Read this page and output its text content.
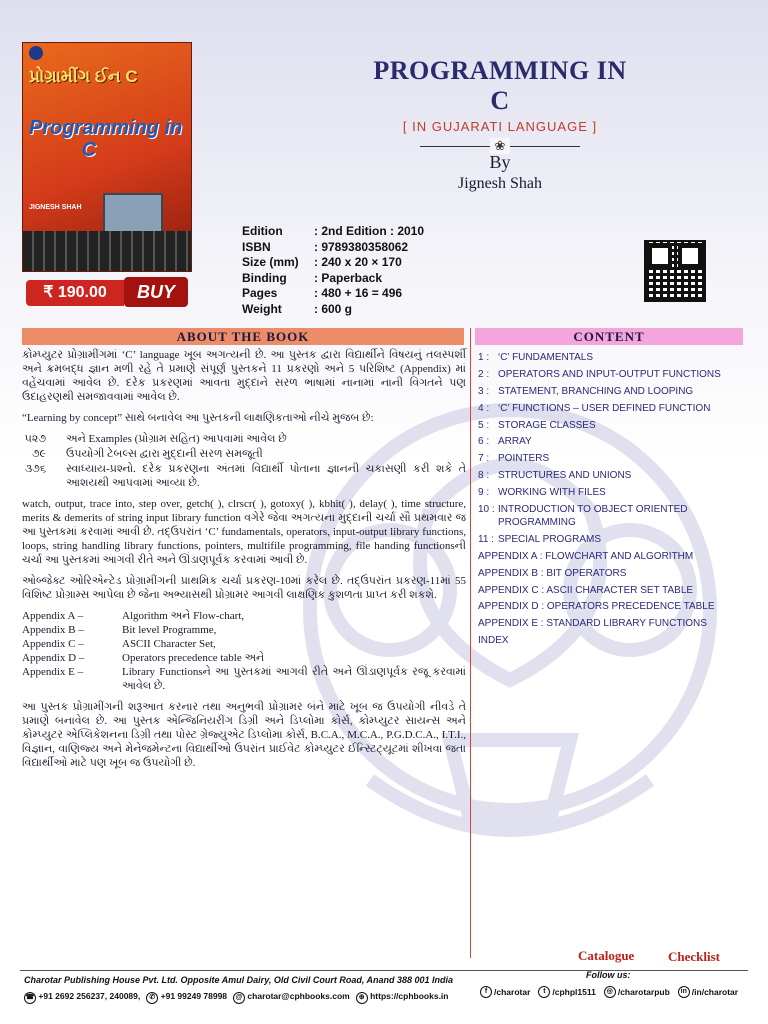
પ્રોગ્રામીંગ ઈન C
Programming in
C
JIGNESH SHAH
₹ 190.00	BUY
PROGRAMMING IN
C
[ IN GUJARATI LANGUAGE ]
❀
By
Jignesh Shah
Edition	: 2nd Edition : 2010
ISBN	: 9789380358062
Size (mm)	: 240 x 20 × 170
Binding	: Paperback
Pages	: 480 + 16 = 496
Weight	: 600 g
ABOUT THE BOOK	CONTENT

કોમ્પ્યુટર પ્રોગ્રામીંગમાં ‘C’ language ખૂબ અગત્યની છે. આ પુસ્તક દ્વારા વિદ્યાર્થીને વિષયનું તલસ્પર્શી અને ક્રમબદ્ધ જ્ઞાન મળી રહે તે પ્રમાણે સંપૂર્ણ પુસ્તકને 11 પ્રકરણો અને 5 પરિશિષ્ટ (Appendix) માં વહેંચવામાં આવેલ છે. દરેક પ્રકરણમાં આવતા મુદ્દાને સરળ ભાષામાં નાનામાં નાની વિગતને પણ ઉદાહરણથી સમજાવવામાં આવેલ છે.

“Learning by concept” સાથે બનાવેલ આ પુસ્તકની લાક્ષણિકતાઓ નીચે મુજબ છે:

૫૨૭	અને Examples (પ્રોગ્રામ સહિત) આપવામાં આવેલ છે
૭૯	ઉપયોગી ટેબલ્સ દ્વારા મુદ્દાની સરળ સમજૂતી
૩૭૬	સ્વાધ્યાય-પ્રશ્નો. દરેક પ્રકરણના અંતમાં વિદ્યાર્થી પોતાના જ્ઞાનની ચકાસણી કરી શકે તે આશયથી આપવામાં આવ્યા છે.

watch, output, trace into, step over, getch( ), clrscr( ), gotoxy( ), kbhit( ), delay( ), time structure, merits & demerits of string input library function વગેરે જેવા અગત્યના મુદ્દાની ચર્ચા સૌ પ્રથમવાર જ આ પુસ્તકમાં કરવામાં આવી છે. તદ્ઉપરાંત ‘C’ fundamentals, operators, input-output library functions, loops, string handling library functions, pointers, multifile programming, file handing functionsની ચર્ચા આ પુસ્તકમાં આગવી રીતે અને ઊંડાણપૂર્વક કરવામાં આવી છે.

ઓબ્જેક્ટ ઓરિએન્ટેડ પ્રોગ્રામીંગની પ્રાથમિક ચર્ચા પ્રકરણ-10માં કરેલ છે. તદ્ઉપરાંત પ્રકરણ-11માં 55 વિશિષ્ટ પ્રોગ્રામ્સ આપેલા છે જેના અભ્યાસથી પ્રોગ્રામર આગવી લાક્ષણિક કુશળતા પ્રાપ્ત કરી શકશે.

Appendix A –	Algorithm અને Flow-chart,
Appendix B –	Bit level Programme,
Appendix C –	ASCII Character Set,
Appendix D –	Operators precedence table અને
Appendix E –	Library Functionsને આ પુસ્તકમાં આગવી રીતે અને ઊંડાણપૂર્વક રજૂ કરવામાં આવેલ છે.

આ પુસ્તક પ્રોગ્રામીંગની શરૂઆત કરનાર તથા અનુભવી પ્રોગ્રામર બંને માટે ખૂબ જ ઉપયોગી નીવડે તે પ્રમાણે બનાવેલ છે. આ પુસ્તક એન્જિનિયરીંગ ડિગ્રી અને ડિપ્લોમા કોર્સ, કોમ્પ્યુટર સાયન્સ અને કોમ્પ્યુટર એપ્લિકેશનના ડિગ્રી તથા પોસ્ટ ગ્રેજ્યુએટ ડિપ્લોમા કોર્સ, B.C.A., M.C.A., P.G.D.C.A., I.T.I., વિજ્ઞાન, વાણિજ્ય અને મેનેજમેન્ટના વિદ્યાર્થીઓ ઉપરાંત પ્રાઈવેટ કોમ્પ્યુટર ઈન્સ્ટિટ્યૂટમાં શીખવા જતા વિદ્યાર્થીઓ માટે પણ ખૂબ જ ઉપયોગી છે.

1 : ‘C’ FUNDAMENTALS
2 : OPERATORS AND INPUT-OUTPUT FUNCTIONS
3 : STATEMENT, BRANCHING AND LOOPING
4 : ‘C’ FUNCTIONS – USER DEFINED FUNCTION
5 : STORAGE CLASSES
6 : ARRAY
7 : POINTERS
8 : STRUCTURES AND UNIONS
9 : WORKING WITH FILES
10 : INTRODUCTION TO OBJECT ORIENTED PROGRAMMING
11 : SPECIAL PROGRAMS
APPENDIX A : FLOWCHART AND ALGORITHM
APPENDIX B : BIT OPERATORS
APPENDIX C : ASCII CHARACTER SET TABLE
APPENDIX D : OPERATORS PRECEDENCE TABLE
APPENDIX E : STANDARD LIBRARY FUNCTIONS
INDEX
Catalogue	Checklist
Charotar Publishing House Pvt. Ltd. Opposite Amul Dairy, Old Civil Court Road, Anand 388 001 India	Follow us:
☎ +91 2692 256237, 240089,	✆ +91 99249 78998	@ charotar@cphbooks.com	⊕ https://cphbooks.in	f /charotar	t /cphpl1511	◎ /charotarpub	in /in/charotar
